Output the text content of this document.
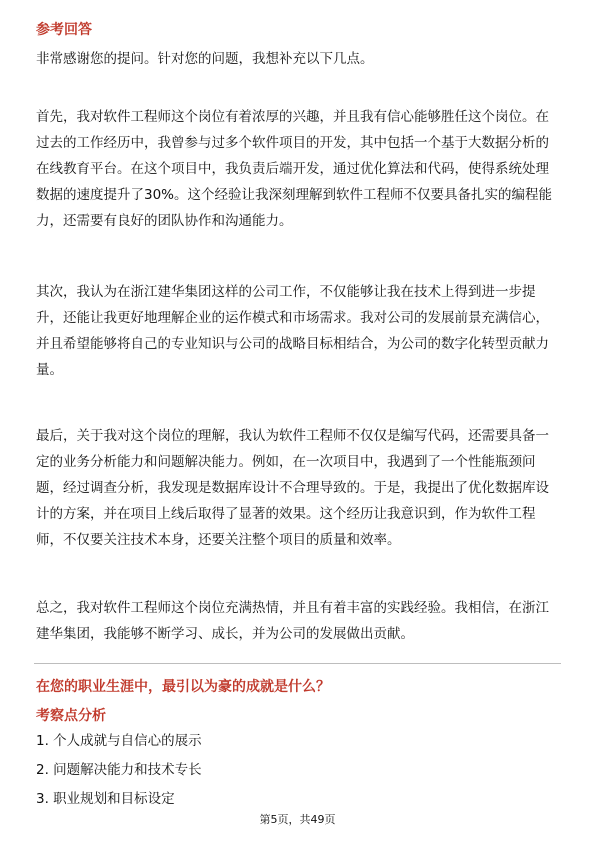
参考回答
非常感谢您的提问。针对您的问题，我想补充以下几点。
首先，我对软件工程师这个岗位有着浓厚的兴趣，并且我有信心能够胜任这个岗位。在过去的工作经历中，我曾参与过多个软件项目的开发，其中包括一个基于大数据分析的在线教育平台。在这个项目中，我负责后端开发，通过优化算法和代码，使得系统处理数据的速度提升了30%。这个经验让我深刻理解到软件工程师不仅要具备扎实的编程能力，还需要有良好的团队协作和沟通能力。
其次，我认为在浙江建华集团这样的公司工作，不仅能够让我在技术上得到进一步提升，还能让我更好地理解企业的运作模式和市场需求。我对公司的发展前景充满信心，并且希望能够将自己的专业知识与公司的战略目标相结合，为公司的数字化转型贡献力量。
最后，关于我对这个岗位的理解，我认为软件工程师不仅仅是编写代码，还需要具备一定的业务分析能力和问题解决能力。例如，在一次项目中，我遇到了一个性能瓶颈问题，经过调查分析，我发现是数据库设计不合理导致的。于是，我提出了优化数据库设计的方案，并在项目上线后取得了显著的效果。这个经历让我意识到，作为软件工程师，不仅要关注技术本身，还要关注整个项目的质量和效率。
总之，我对软件工程师这个岗位充满热情，并且有着丰富的实践经验。我相信，在浙江建华集团，我能够不断学习、成长，并为公司的发展做出贡献。
在您的职业生涯中，最引以为豪的成就是什么？
考察点分析
1. 个人成就与自信心的展示
2. 问题解决能力和技术专长
3. 职业规划和目标设定
第5页，共49页
